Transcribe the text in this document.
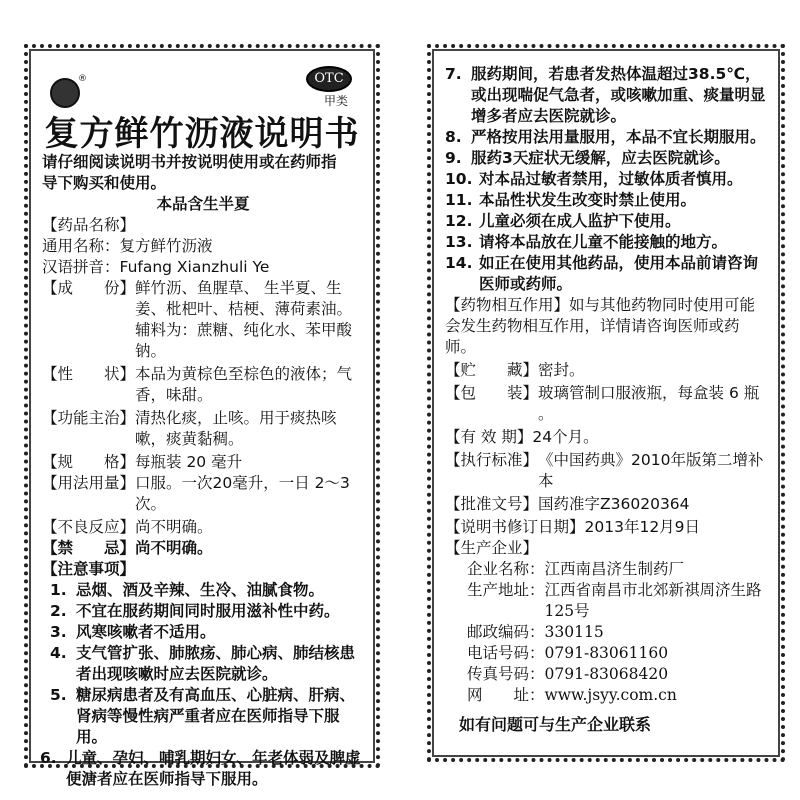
®	OTC
甲类
复方鲜竹沥液说明书
请仔细阅读说明书并按说明使用或在药师指导下购买和使用。
本品含生半夏
【药品名称】
通用名称：复方鲜竹沥液
汉语拼音：Fufang Xianzhuli Ye
【成　　份】 鲜竹沥、鱼腥草、 生半夏、生姜、枇杷叶、桔梗、薄荷素油。辅料为：蔗糖、纯化水、苯甲酸钠。
【性　　状】 本品为黄棕色至棕色的液体；气香，味甜。
【功能主治】 清热化痰，止咳。用于痰热咳嗽，痰黄黏稠。
【规　　格】 每瓶装 20 毫升
【用法用量】 口服。一次20毫升，一日 2～3次。
【不良反应】 尚不明确。
【禁　　忌】 尚不明确。
【注意事项】
1. 忌烟、酒及辛辣、生冷、油腻食物。
2. 不宜在服药期间同时服用滋补性中药。
3. 风寒咳嗽者不适用。
4. 支气管扩张、肺脓疡、肺心病、肺结核患者出现咳嗽时应去医院就诊。
5. 糖尿病患者及有高血压、心脏病、肝病、肾病等慢性病严重者应在医师指导下服用。
6. 儿童、孕妇、哺乳期妇女、年老体弱及脾虚便溏者应在医师指导下服用。
7. 服药期间，若患者发热体温超过38.5℃，或出现喘促气急者，或咳嗽加重、痰量明显增多者应去医院就诊。
8. 严格按用法用量服用，本品不宜长期服用。
9. 服药3天症状无缓解，应去医院就诊。
10. 对本品过敏者禁用，过敏体质者慎用。
11. 本品性状发生改变时禁止使用。
12. 儿童必须在成人监护下使用。
13. 请将本品放在儿童不能接触的地方。
14. 如正在使用其他药品，使用本品前请咨询医师或药师。
【药物相互作用】如与其他药物同时使用可能会发生药物相互作用，详情请咨询医师或药师。
【贮　　藏】 密封。
【包　　装】 玻璃管制口服液瓶，每盒装 6 瓶 。
【有 效 期】 24个月。
【执行标准】 《中国药典》2010年版第二增补本
【批准文号】 国药准字Z36020364
【说明书修订日期】 2013年12月9日
【生产企业】
企业名称： 江西南昌济生制药厂
生产地址： 江西省南昌市北郊新祺周济生路125号
邮政编码： 330115
电话号码： 0791-83061160
传真号码： 0791-83068420
网　　址： www.jsyy.com.cn
如有问题可与生产企业联系
